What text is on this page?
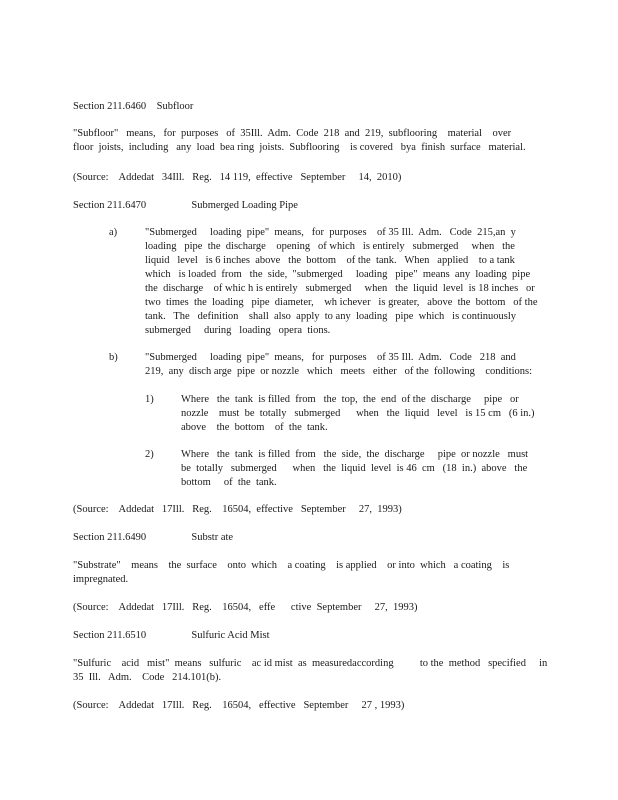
Section 211.6460 Subfloor
"Subfloor"   means,   for  purposes   of  35Ill.  Adm.  Code  218  and  219,  subflooring    material    over
floor  joists,  including   any  load  bea ring  joists.  Subflooring    is covered   bya  finish  surface   material.
(Source:    Addedat   34Ill.   Reg.   14 119,  effective   September     14,  2010)
Section 211.6470	Submerged Loading Pipe
a)	"Submerged     loading  pipe"  means,   for  purposes    of 35 Ill.  Adm.   Code  215,an  y
loading   pipe  the  discharge    opening   of which   is entirely   submerged     when   the
liquid   level   is 6 inches  above   the  bottom    of the  tank.   When   applied    to a tank
which   is loaded  from   the  side,  "submerged     loading   pipe"  means  any  loading  pipe
the  discharge    of whic h is entirely   submerged     when   the  liquid  level  is 18 inches   or
two  times  the  loading   pipe  diameter,    wh ichever   is greater,   above  the  bottom   of the
tank.   The   definition    shall  also  apply  to any  loading   pipe  which   is continuously
submerged     during   loading   opera  tions.
b)	"Submerged     loading  pipe"  means,   for  purposes    of 35 Ill.  Adm.   Code   218  and
219,  any  disch arge  pipe  or nozzle   which   meets   either   of the  following    conditions:
1)	Where   the  tank  is filled  from   the  top,  the  end  of the  discharge     pipe   or
nozzle    must  be  totally   submerged      when   the  liquid   level   is 15 cm   (6 in.)
above    the  bottom    of  the  tank.
2)	Where   the  tank  is filled  from   the  side,  the  discharge     pipe  or nozzle   must
be  totally   submerged      when   the  liquid  level  is 46  cm   (18  in.)  above   the
bottom     of  the  tank.
(Source:    Addedat   17Ill.   Reg.    16504,  effective   September     27,  1993)
Section 211.6490	Substr ate
"Substrate"    means    the  surface    onto  which    a coating    is applied    or into  which   a coating    is
impregnated.
(Source:    Addedat   17Ill.   Reg.    16504,   effe      ctive  September     27,  1993)
Section 211.6510	Sulfuric Acid Mist
"Sulfuric    acid   mist"  means   sulfuric    ac id mist  as  measuredaccording          to the  method   specified     in
35  Ill.   Adm.    Code   214.101(b).
(Source:    Addedat   17Ill.   Reg.    16504,   effective   September     27 , 1993)
